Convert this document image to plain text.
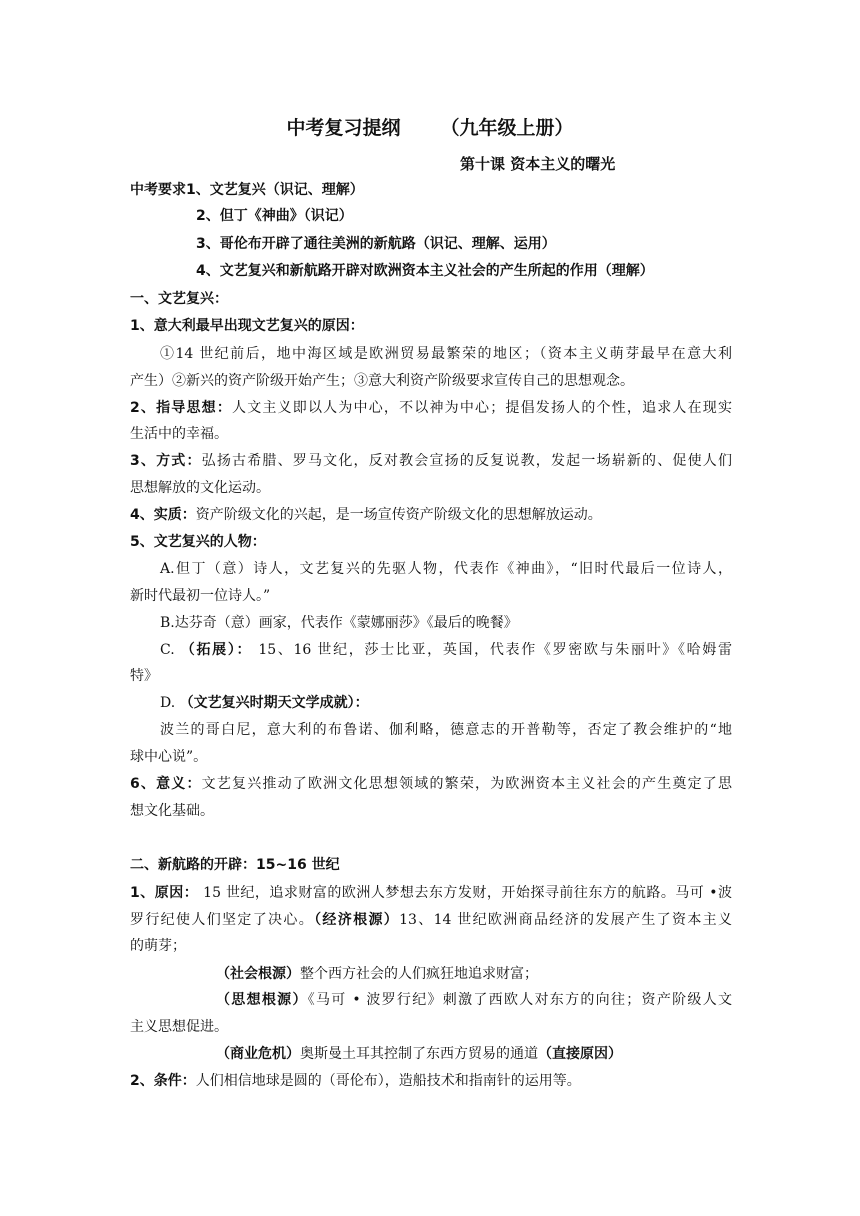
中考复习提纲 （九年级上册）
第十课 资本主义的曙光
中考要求1、文艺复兴（识记、理解）
2、但丁《神曲》（识记）
3、哥伦布开辟了通往美洲的新航路（识记、理解、运用）
4、文艺复兴和新航路开辟对欧洲资本主义社会的产生所起的作用（理解）
一、文艺复兴：
1、意大利最早出现文艺复兴的原因：
①14 世纪前后，地中海区域是欧洲贸易最繁荣的地区；（资本主义萌芽最早在意大利
产生）②新兴的资产阶级开始产生；③意大利资产阶级要求宣传自己的思想观念。
2、指导思想：人文主义即以人为中心，不以神为中心；提倡发扬人的个性，追求人在现实
生活中的幸福。
3、方式：弘扬古希腊、罗马文化，反对教会宣扬的反复说教，发起一场崭新的、促使人们
思想解放的文化运动。
4、实质：资产阶级文化的兴起，是一场宣传资产阶级文化的思想解放运动。
5、文艺复兴的人物：
A.但丁（意）诗人，文艺复兴的先驱人物，代表作《神曲》，“旧时代最后一位诗人，
新时代最初一位诗人。”
B.达芬奇（意）画家，代表作《蒙娜丽莎》《最后的晚餐》
C. （拓展）： 15、16 世纪，莎士比亚，英国，代表作《罗密欧与朱丽叶》《哈姆雷
特》
D. （文艺复兴时期天文学成就）：
波兰的哥白尼，意大利的布鲁诺、伽利略，德意志的开普勒等，否定了教会维护的“地
球中心说”。
6、意义：文艺复兴推动了欧洲文化思想领域的繁荣，为欧洲资本主义社会的产生奠定了思
想文化基础。
二、新航路的开辟：15~16 世纪
1、原因： 15 世纪，追求财富的欧洲人梦想去东方发财，开始探寻前往东方的航路。马可 •波
罗行纪使人们坚定了决心。（经济根源）13、14 世纪欧洲商品经济的发展产生了资本主义
的萌芽；
（社会根源）整个西方社会的人们疯狂地追求财富；
（思想根源）《马可 • 波罗行纪》刺激了西欧人对东方的向往；资产阶级人文
主义思想促进。
（商业危机）奥斯曼土耳其控制了东西方贸易的通道（直接原因）
2、条件：人们相信地球是圆的（哥伦布），造船技术和指南针的运用等。
